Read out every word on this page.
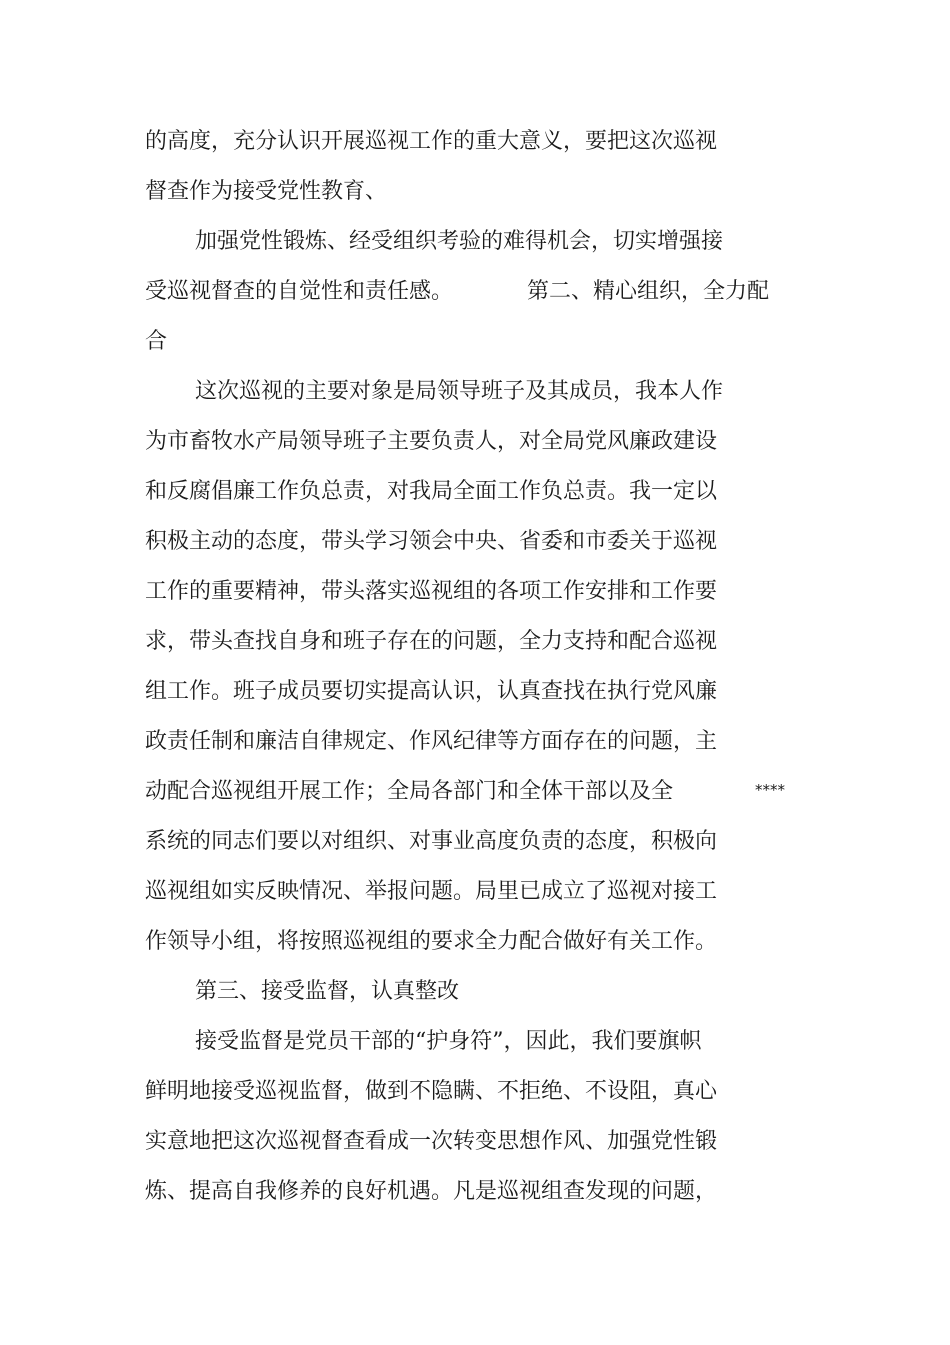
的高度，充分认识开展巡视工作的重大意义，要把这次巡视
督查作为接受党性教育、
加强党性锻炼、经受组织考验的难得机会，切实增强接
受巡视督查的自觉性和责任感。	第二、精心组织，全力配
合
这次巡视的主要对象是局领导班子及其成员，我本人作
为市畜牧水产局领导班子主要负责人，对全局党风廉政建设
和反腐倡廉工作负总责，对我局全面工作负总责。我一定以
积极主动的态度，带头学习领会中央、省委和市委关于巡视
工作的重要精神，带头落实巡视组的各项工作安排和工作要
求，带头查找自身和班子存在的问题，全力支持和配合巡视
组工作。班子成员要切实提高认识，认真查找在执行党风廉
政责任制和廉洁自律规定、作风纪律等方面存在的问题，主
动配合巡视组开展工作；全局各部门和全体干部以及全	****
系统的同志们要以对组织、对事业高度负责的态度，积极向
巡视组如实反映情况、举报问题。局里已成立了巡视对接工
作领导小组，将按照巡视组的要求全力配合做好有关工作。
第三、接受监督，认真整改
接受监督是党员干部的“护身符”，因此，我们要旗帜
鲜明地接受巡视监督，做到不隐瞒、不拒绝、不设阻，真心
实意地把这次巡视督查看成一次转变思想作风、加强党性锻
炼、提高自我修养的良好机遇。凡是巡视组查发现的问题，
